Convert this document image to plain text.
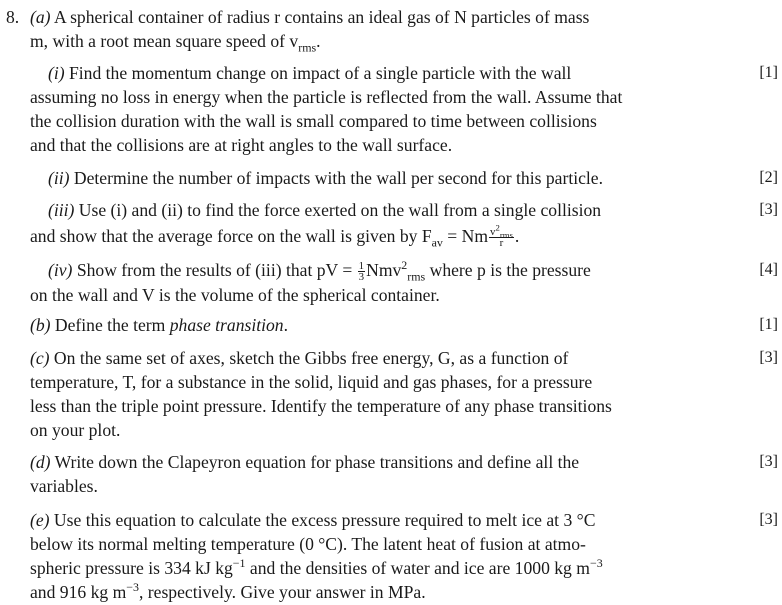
8. (a) A spherical container of radius r contains an ideal gas of N particles of mass
m, with a root mean square speed of $v_{rms}$.
(i) Find the momentum change on impact of a single particle with the wall	[1]
assuming no loss in energy when the particle is reflected from the wall. Assume that
the collision duration with the wall is small compared to time between collisions
and that the collisions are at right angles to the wall surface.
(ii) Determine the number of impacts with the wall per second for this particle.	[2]
(iii) Use (i) and (ii) to find the force exerted on the wall from a single collision	[3]
and show that the average force on the wall is given by $F_{av} = Nm \frac{v^2_{rms}}{r}$ .
(iv) Show from the results of (iii) that pV = $\frac{1}{3} Nmv^2_{rms}$ where p is the pressure	[4]
on the wall and V is the volume of the spherical container.
(b) Define the term phase transition.	[1]
(c) On the same set of axes, sketch the Gibbs free energy, G, as a function of	[3]
temperature, T, for a substance in the solid, liquid and gas phases, for a pressure
less than the triple point pressure. Identify the temperature of any phase transitions
on your plot.
(d) Write down the Clapeyron equation for phase transitions and define all the	[3]
variables.
(e) Use this equation to calculate the excess pressure required to melt ice at 3 °C	[3]
below its normal melting temperature (0 °C). The latent heat of fusion at atmo-
spheric pressure is 334 kJ $kg^{-1}$ and the densities of water and ice are 1000 kg $m^{-3}$
and 916 kg $m^{-3}$, respectively. Give your answer in MPa.
